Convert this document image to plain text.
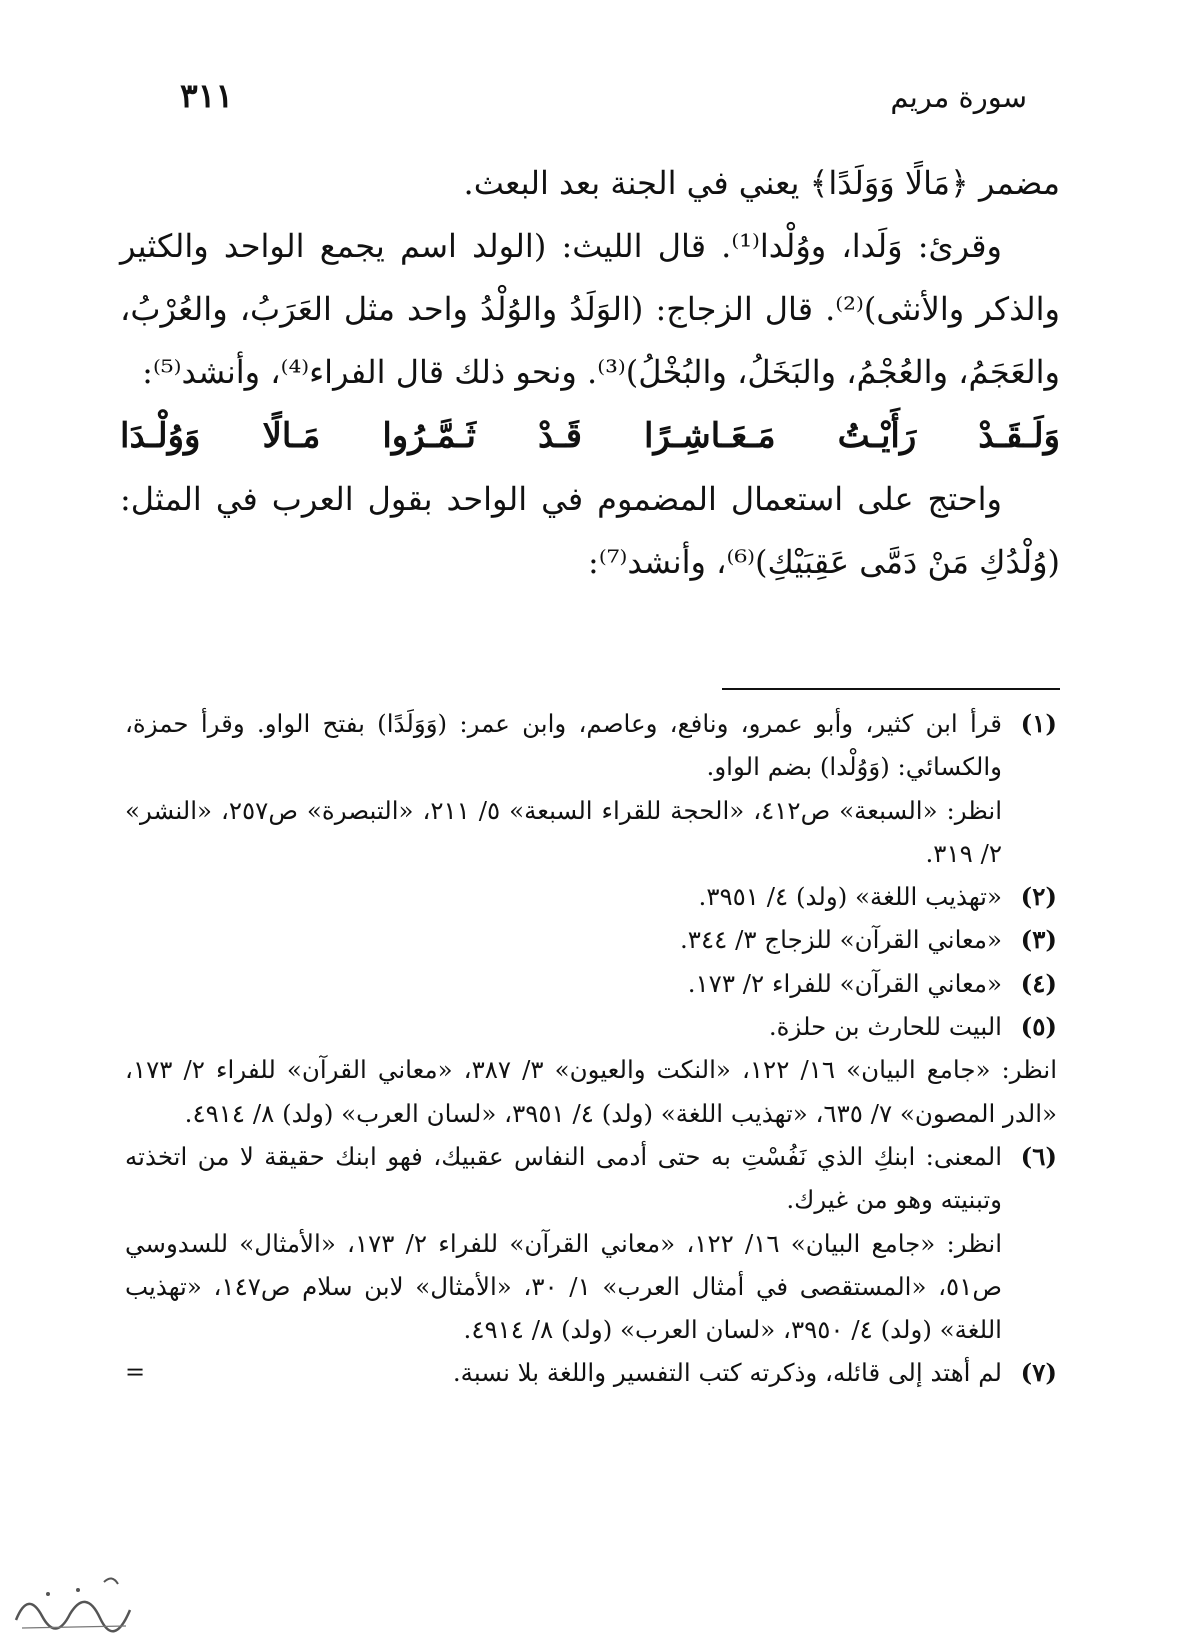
سورة مريم
٣١١

مضمر ﴿مَالًا وَوَلَدًا﴾ يعني في الجنة بعد البعث.

وقرئ: وَلَدا، ووُلْدا⁽¹⁾. قال الليث: (الولد اسم يجمع الواحد والكثير والذكر والأنثى)⁽²⁾. قال الزجاج: (الوَلَدُ والوُلْدُ واحد مثل العَرَبُ، والعُرْبُ، والعَجَمُ، والعُجْمُ، والبَخَلُ، والبُخْلُ)⁽³⁾. ونحو ذلك قال الفراء⁽⁴⁾، وأنشد⁽⁵⁾:

وَلَـقَـدْ رَأَيْـتُ مَـعَـاشِـرًا قَـدْ ثَـمَّـرُوا مَـالًا وَوُلْـدَا

واحتج على استعمال المضموم في الواحد بقول العرب في المثل: (وُلْدُكِ مَنْ دَمَّى عَقِبَيْكِ)⁽⁶⁾، وأنشد⁽⁷⁾:

(١)
قرأ ابن كثير، وأبو عمرو، ونافع، وعاصم، وابن عمر: (وَوَلَدًا) بفتح الواو. وقرأ حمزة، والكسائي: (وَوُلْدا) بضم الواو.
انظر: «السبعة» ص٤١٢، «الحجة للقراء السبعة» ٥/ ٢١١، «التبصرة» ص٢٥٧، «النشر» ٢/ ٣١٩.
(٢)
«تهذيب اللغة» (ولد) ٤/ ٣٩٥١.
(٣)
«معاني القرآن» للزجاج ٣/ ٣٤٤.
(٤)
«معاني القرآن» للفراء ٢/ ١٧٣.
(٥)
البيت للحارث بن حلزة.
انظر: «جامع البيان» ١٦/ ١٢٢، «النكت والعيون» ٣/ ٣٨٧، «معاني القرآن» للفراء ٢/ ١٧٣، «الدر المصون» ٧/ ٦٣٥، «تهذيب اللغة» (ولد) ٤/ ٣٩٥١، «لسان العرب» (ولد) ٨/ ٤٩١٤.
(٦)
المعنى: ابنكِ الذي نَفُسْتِ به حتى أدمى النفاس عقبيك، فهو ابنك حقيقة لا من اتخذته وتبنيته وهو من غيرك.
انظر: «جامع البيان» ١٦/ ١٢٢، «معاني القرآن» للفراء ٢/ ١٧٣، «الأمثال» للسدوسي ص٥١، «المستقصى في أمثال العرب» ١/ ٣٠، «الأمثال» لابن سلام ص١٤٧، «تهذيب اللغة» (ولد) ٤/ ٣٩٥٠، «لسان العرب» (ولد) ٨/ ٤٩١٤.
(٧)
لم أهتد إلى قائله، وذكرته كتب التفسير واللغة بلا نسبة.
=
